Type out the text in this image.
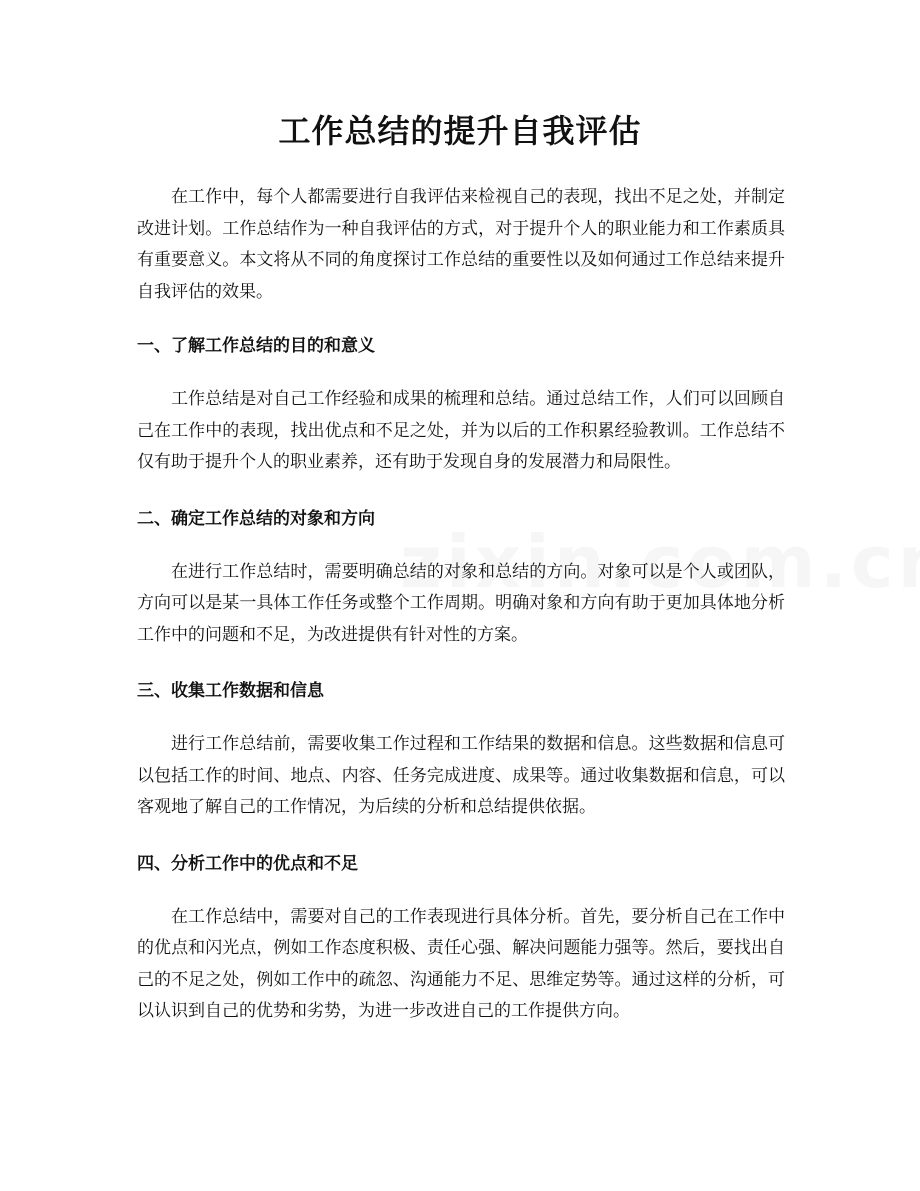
工作总结的提升自我评估

在工作中，每个人都需要进行自我评估来检视自己的表现，找出不足之处，并制定改进计划。工作总结作为一种自我评估的方式，对于提升个人的职业能力和工作素质具有重要意义。本文将从不同的角度探讨工作总结的重要性以及如何通过工作总结来提升自我评估的效果。

一、了解工作总结的目的和意义

工作总结是对自己工作经验和成果的梳理和总结。通过总结工作，人们可以回顾自己在工作中的表现，找出优点和不足之处，并为以后的工作积累经验教训。工作总结不仅有助于提升个人的职业素养，还有助于发现自身的发展潜力和局限性。

二、确定工作总结的对象和方向

在进行工作总结时，需要明确总结的对象和总结的方向。对象可以是个人或团队，方向可以是某一具体工作任务或整个工作周期。明确对象和方向有助于更加具体地分析工作中的问题和不足，为改进提供有针对性的方案。

三、收集工作数据和信息

进行工作总结前，需要收集工作过程和工作结果的数据和信息。这些数据和信息可以包括工作的时间、地点、内容、任务完成进度、成果等。通过收集数据和信息，可以客观地了解自己的工作情况，为后续的分析和总结提供依据。

四、分析工作中的优点和不足

在工作总结中，需要对自己的工作表现进行具体分析。首先，要分析自己在工作中的优点和闪光点，例如工作态度积极、责任心强、解决问题能力强等。然后，要找出自己的不足之处，例如工作中的疏忽、沟通能力不足、思维定势等。通过这样的分析，可以认识到自己的优势和劣势，为进一步改进自己的工作提供方向。
